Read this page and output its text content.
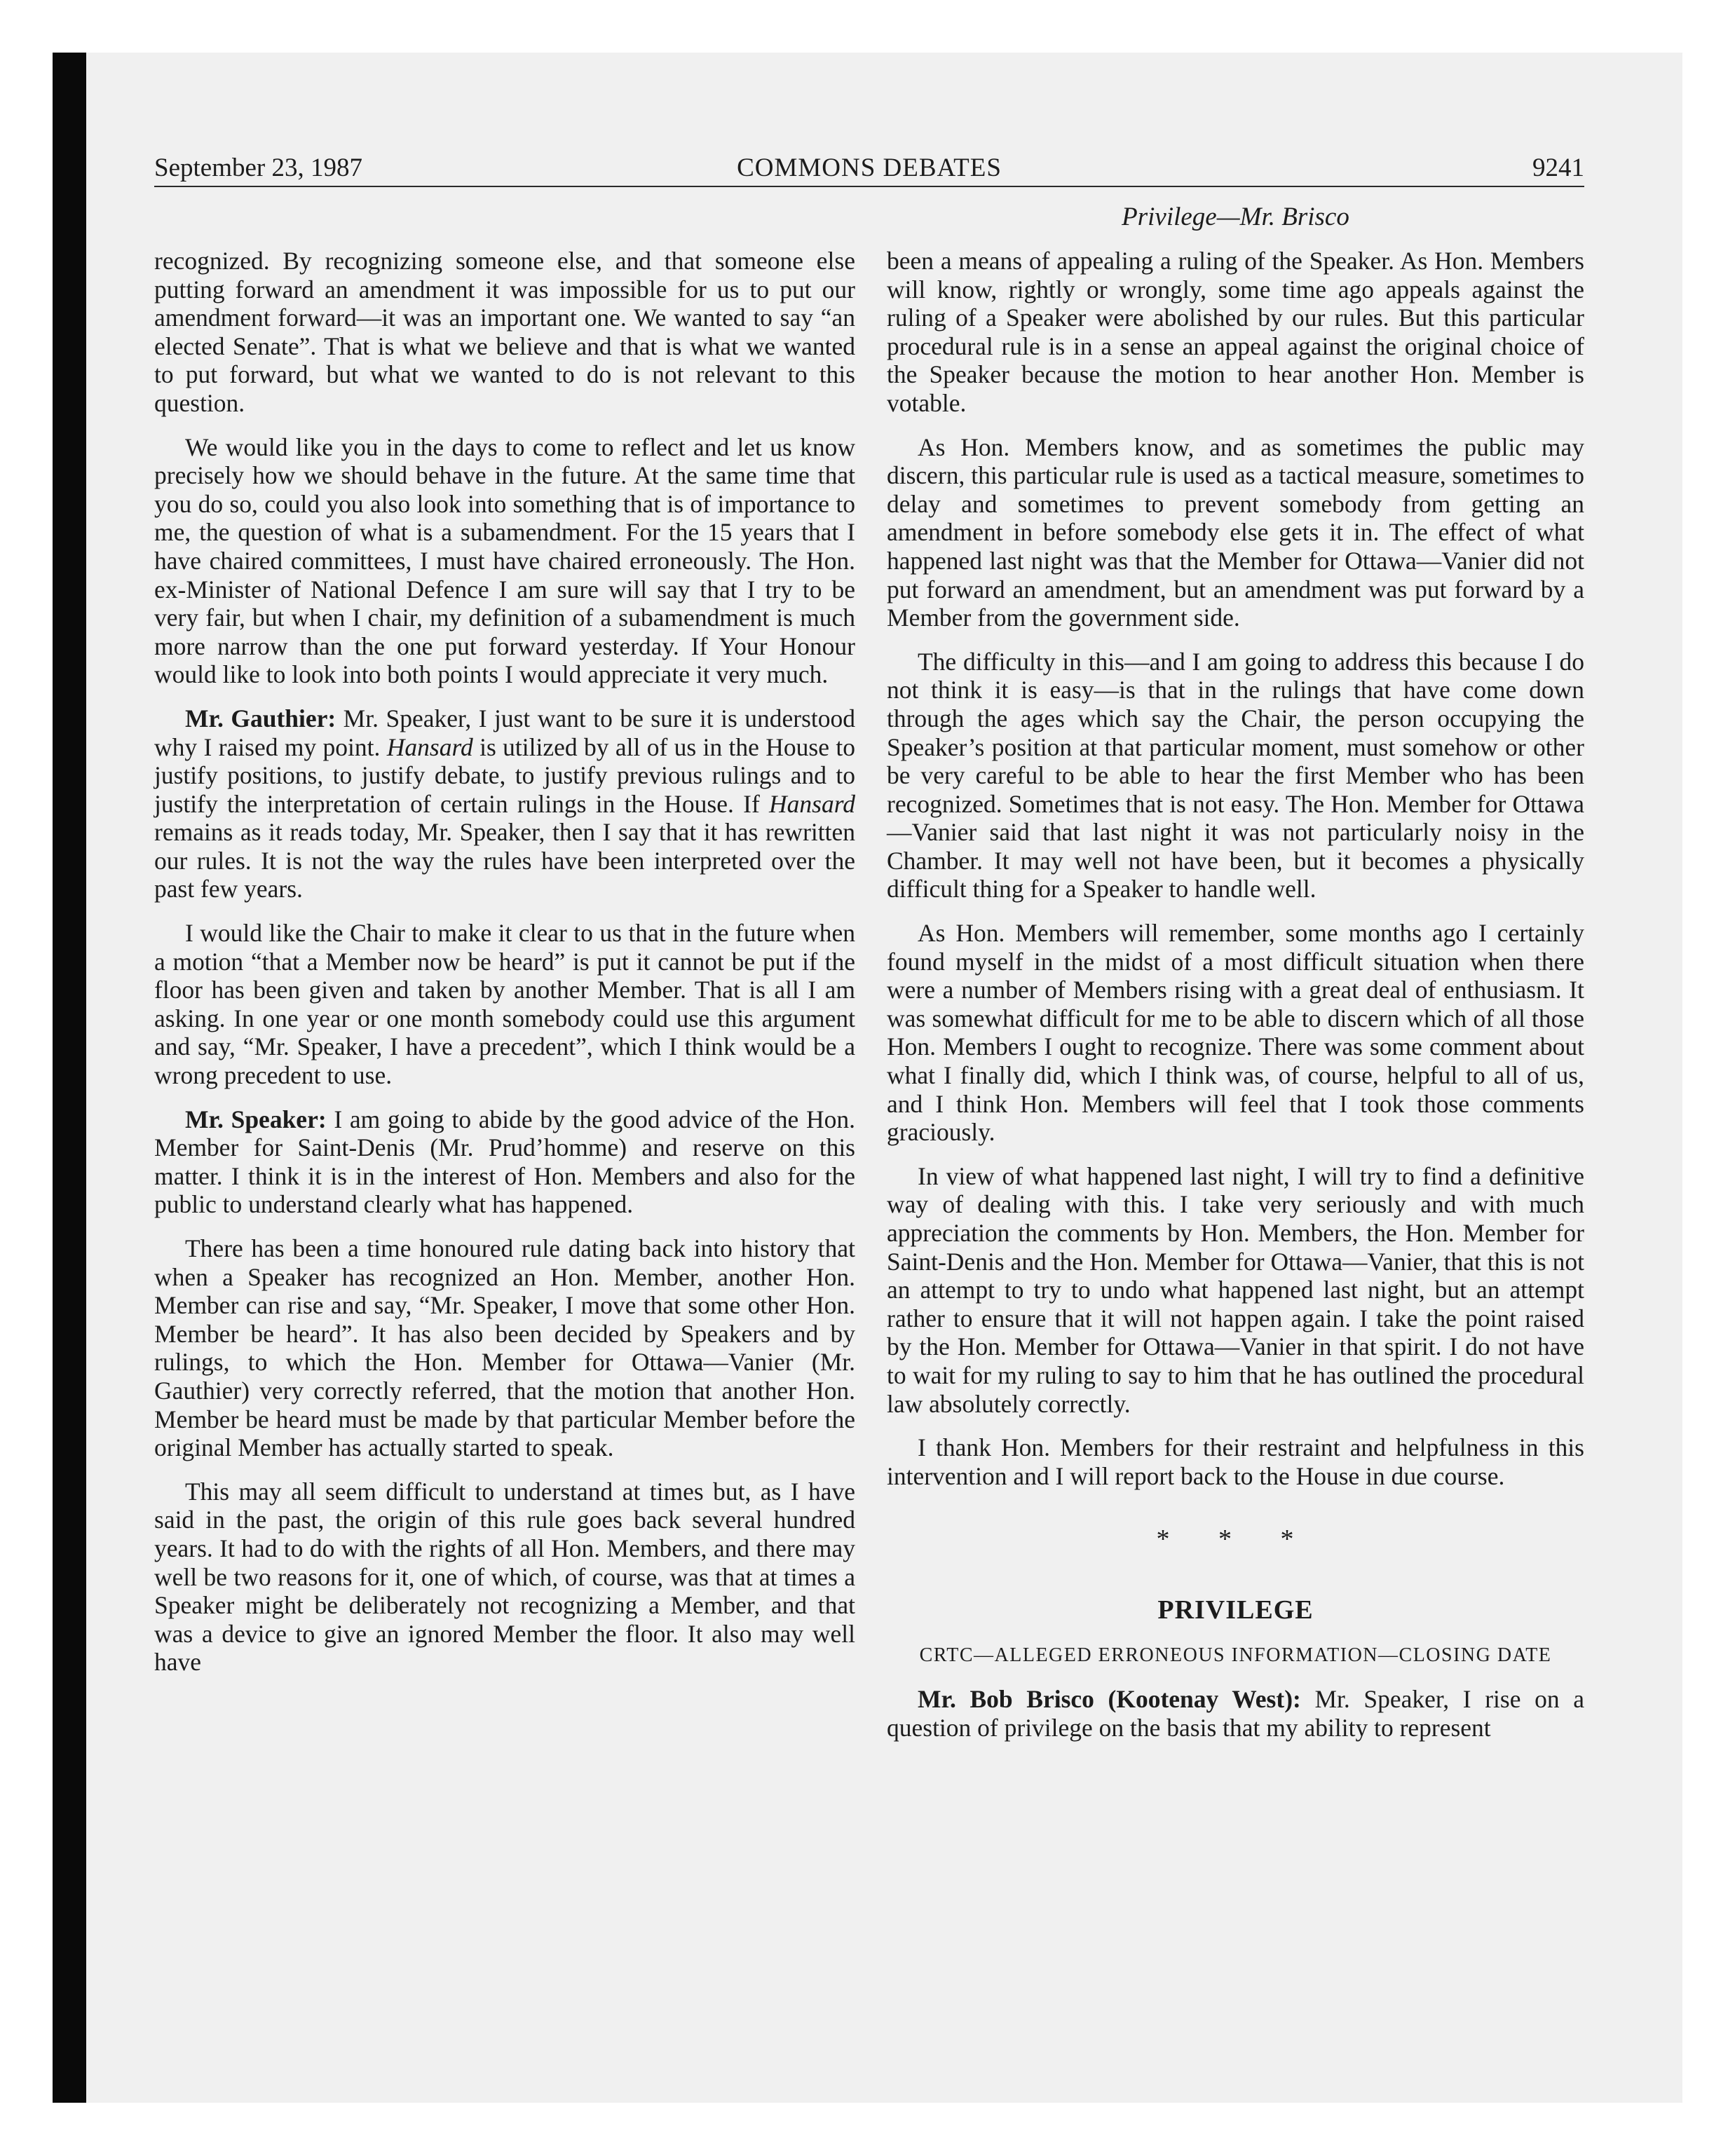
September 23, 1987	COMMONS DEBATES	9241
Privilege—Mr. Brisco

recognized. By recognizing someone else, and that someone else putting forward an amendment it was impossible for us to put our amendment forward—it was an important one. We wanted to say “an elected Senate”. That is what we believe and that is what we wanted to put forward, but what we wanted to do is not relevant to this question.

We would like you in the days to come to reflect and let us know precisely how we should behave in the future. At the same time that you do so, could you also look into something that is of importance to me, the question of what is a subamendment. For the 15 years that I have chaired committees, I must have chaired erroneously. The Hon. ex-Minister of National Defence I am sure will say that I try to be very fair, but when I chair, my definition of a subamendment is much more narrow than the one put forward yesterday. If Your Honour would like to look into both points I would appreciate it very much.

Mr. Gauthier: Mr. Speaker, I just want to be sure it is understood why I raised my point. Hansard is utilized by all of us in the House to justify positions, to justify debate, to justify previous rulings and to justify the interpretation of certain rulings in the House. If Hansard remains as it reads today, Mr. Speaker, then I say that it has rewritten our rules. It is not the way the rules have been interpreted over the past few years.

I would like the Chair to make it clear to us that in the future when a motion “that a Member now be heard” is put it cannot be put if the floor has been given and taken by another Member. That is all I am asking. In one year or one month somebody could use this argument and say, “Mr. Speaker, I have a precedent”, which I think would be a wrong precedent to use.

Mr. Speaker: I am going to abide by the good advice of the Hon. Member for Saint-Denis (Mr. Prud’homme) and reserve on this matter. I think it is in the interest of Hon. Members and also for the public to understand clearly what has happened.

There has been a time honoured rule dating back into history that when a Speaker has recognized an Hon. Member, another Hon. Member can rise and say, “Mr. Speaker, I move that some other Hon. Member be heard”. It has also been decided by Speakers and by rulings, to which the Hon. Member for Ottawa—Vanier (Mr. Gauthier) very correctly referred, that the motion that another Hon. Member be heard must be made by that particular Member before the original Member has actually started to speak.

This may all seem difficult to understand at times but, as I have said in the past, the origin of this rule goes back several hundred years. It had to do with the rights of all Hon. Members, and there may well be two reasons for it, one of which, of course, was that at times a Speaker might be deliberately not recognizing a Member, and that was a device to give an ignored Member the floor. It also may well have

been a means of appealing a ruling of the Speaker. As Hon. Members will know, rightly or wrongly, some time ago appeals against the ruling of a Speaker were abolished by our rules. But this particular procedural rule is in a sense an appeal against the original choice of the Speaker because the motion to hear another Hon. Member is votable.

As Hon. Members know, and as sometimes the public may discern, this particular rule is used as a tactical measure, sometimes to delay and sometimes to prevent somebody from getting an amendment in before somebody else gets it in. The effect of what happened last night was that the Member for Ottawa—Vanier did not put forward an amendment, but an amendment was put forward by a Member from the government side.

The difficulty in this—and I am going to address this because I do not think it is easy—is that in the rulings that have come down through the ages which say the Chair, the person occupying the Speaker’s position at that particular moment, must somehow or other be very careful to be able to hear the first Member who has been recognized. Sometimes that is not easy. The Hon. Member for Ottawa—Vanier said that last night it was not particularly noisy in the Chamber. It may well not have been, but it becomes a physically difficult thing for a Speaker to handle well.

As Hon. Members will remember, some months ago I certainly found myself in the midst of a most difficult situation when there were a number of Members rising with a great deal of enthusiasm. It was somewhat difficult for me to be able to discern which of all those Hon. Members I ought to recognize. There was some comment about what I finally did, which I think was, of course, helpful to all of us, and I think Hon. Members will feel that I took those comments graciously.

In view of what happened last night, I will try to find a definitive way of dealing with this. I take very seriously and with much appreciation the comments by Hon. Members, the Hon. Member for Saint-Denis and the Hon. Member for Ottawa—Vanier, that this is not an attempt to try to undo what happened last night, but an attempt rather to ensure that it will not happen again. I take the point raised by the Hon. Member for Ottawa—Vanier in that spirit. I do not have to wait for my ruling to say to him that he has outlined the procedural law absolutely correctly.

I thank Hon. Members for their restraint and helpfulness in this intervention and I will report back to the House in due course.

* * *
PRIVILEGE
CRTC—ALLEGED ERRONEOUS INFORMATION—CLOSING DATE

Mr. Bob Brisco (Kootenay West): Mr. Speaker, I rise on a question of privilege on the basis that my ability to represent
